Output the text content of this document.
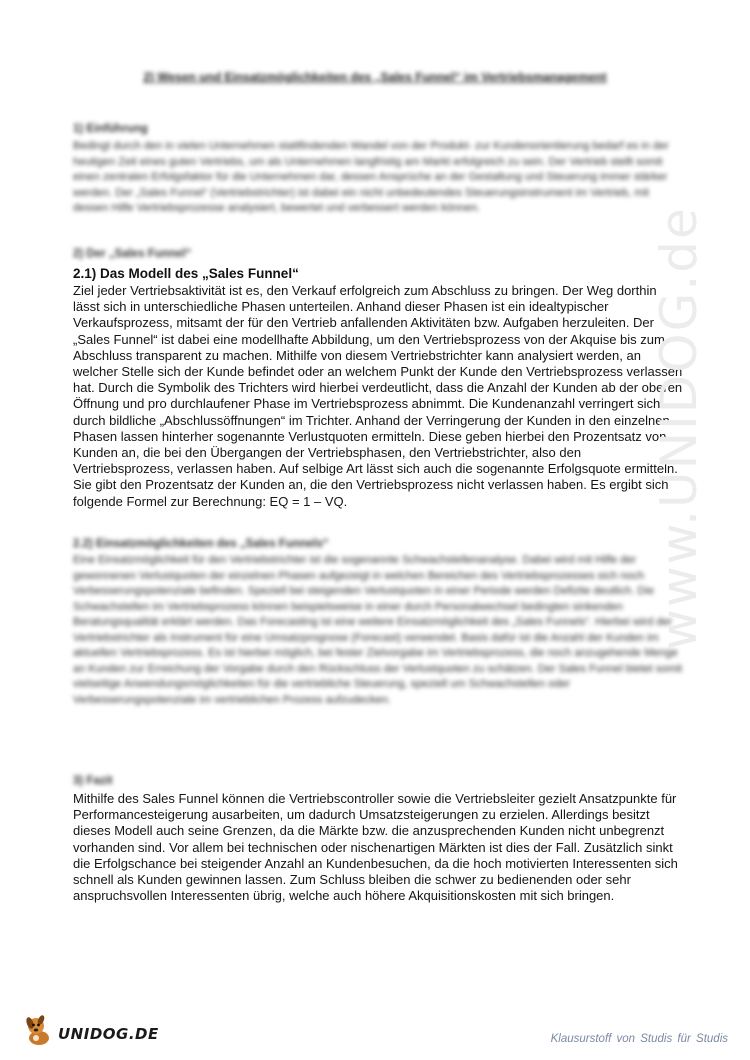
2) Wesen und Einsatzmöglichkeiten des „Sales Funnel“ im Vertriebsmanagement
1) Einführung

Bedingt durch den in vielen Unternehmen stattfindenden Wandel von der Produkt- zur Kundenorientierung bedarf es in der heutigen Zeit eines guten Vertriebs, um als Unternehmen langfristig am Markt erfolgreich zu sein. Der Vertrieb stellt somit einen zentralen Erfolgsfaktor für die Unternehmen dar, dessen Ansprüche an der Gestaltung und Steuerung immer stärker werden. Der „Sales Funnel“ (Vertriebstrichter) ist dabei ein nicht unbedeutendes Steuerungsinstrument im Vertrieb, mit dessen Hilfe Vertriebsprozesse analysiert, bewertet und verbessert werden können.

2) Der „Sales Funnel“
2.1) Das Modell des „Sales Funnel“

Ziel jeder Vertriebsaktivität ist es, den Verkauf erfolgreich zum Abschluss zu bringen. Der Weg dorthin lässt sich in unterschiedliche Phasen unterteilen. Anhand dieser Phasen ist ein idealtypischer Verkaufsprozess, mitsamt der für den Vertrieb anfallenden Aktivitäten bzw. Aufgaben herzuleiten. Der „Sales Funnel“ ist dabei eine modellhafte Abbildung, um den Vertriebsprozess von der Akquise bis zum Abschluss transparent zu machen. Mithilfe von diesem Vertriebstrichter kann analysiert werden, an welcher Stelle sich der Kunde befindet oder an welchem Punkt der Kunde den Vertriebsprozess verlassen hat. Durch die Symbolik des Trichters wird hierbei verdeutlicht, dass die Anzahl der Kunden ab der oberen Öffnung und pro durchlaufener Phase im Vertriebsprozess abnimmt. Die Kundenanzahl verringert sich durch bildliche „Abschlussöffnungen“ im Trichter. Anhand der Verringerung der Kunden in den einzelnen Phasen lassen hinterher sogenannte Verlustquoten ermitteln. Diese geben hierbei den Prozentsatz von Kunden an, die bei den Übergangen der Vertriebsphasen, den Vertriebstrichter, also den Vertriebsprozess, verlassen haben. Auf selbige Art lässt sich auch die sogenannte Erfolgsquote ermitteln. Sie gibt den Prozentsatz der Kunden an, die den Vertriebsprozess nicht verlassen haben. Es ergibt sich folgende Formel zur Berechnung: EQ = 1 – VQ.

2.2) Einsatzmöglichkeiten des „Sales Funnels“

Eine Einsatzmöglichkeit für den Vertriebstrichter ist die sogenannte Schwachstellenanalyse. Dabei wird mit Hilfe der gewonnenen Verlustquoten der einzelnen Phasen aufgezeigt in welchen Bereichen des Vertriebsprozesses sich noch Verbesserungspotenziale befinden. Speziell bei steigenden Verlustquoten in einer Periode werden Defizite deutlich. Die Schwachstellen im Vertriebsprozess können beispielsweise in einer durch Personalwechsel bedingten sinkenden Beratungsqualität erklärt werden. Das Forecasting ist eine weitere Einsatzmöglichkeit des „Sales Funnels“. Hierbei wird der Vertriebstrichter als Instrument für eine Umsatzprognose (Forecast) verwendet. Basis dafür ist die Anzahl der Kunden im aktuellen Vertriebsprozess. Es ist hierbei möglich, bei fester Zielvorgabe im Vertriebsprozess, die noch anzugehende Menge an Kunden zur Erreichung der Vorgabe durch den Rückschluss der Verlustquoten zu schätzen. Der Sales Funnel bietet somit vielseitige Anwendungsmöglichkeiten für die vertriebliche Steuerung, speziell um Schwachstellen oder Verbesserungspotenziale im vertrieblichen Prozess aufzudecken.

3) Fazit

Mithilfe des Sales Funnel können die Vertriebscontroller sowie die Vertriebsleiter gezielt Ansatzpunkte für Performancesteigerung ausarbeiten, um dadurch Umsatzsteigerungen zu erzielen. Allerdings besitzt dieses Modell auch seine Grenzen, da die Märkte bzw. die anzusprechenden Kunden nicht unbegrenzt vorhanden sind. Vor allem bei technischen oder nischenartigen Märkten ist dies der Fall. Zusätzlich sinkt die Erfolgschance bei steigender Anzahl an Kundenbesuchen, da die hoch motivierten Interessenten sich schnell als Kunden gewinnen lassen. Zum Schluss bleiben die schwer zu bedienenden oder sehr anspruchsvollen Interessenten übrig, welche auch höhere Akquisitionskosten mit sich bringen.

www.UNIDOG.de
UNIDOG.DE	Klausurstoff von Studis für Studis
